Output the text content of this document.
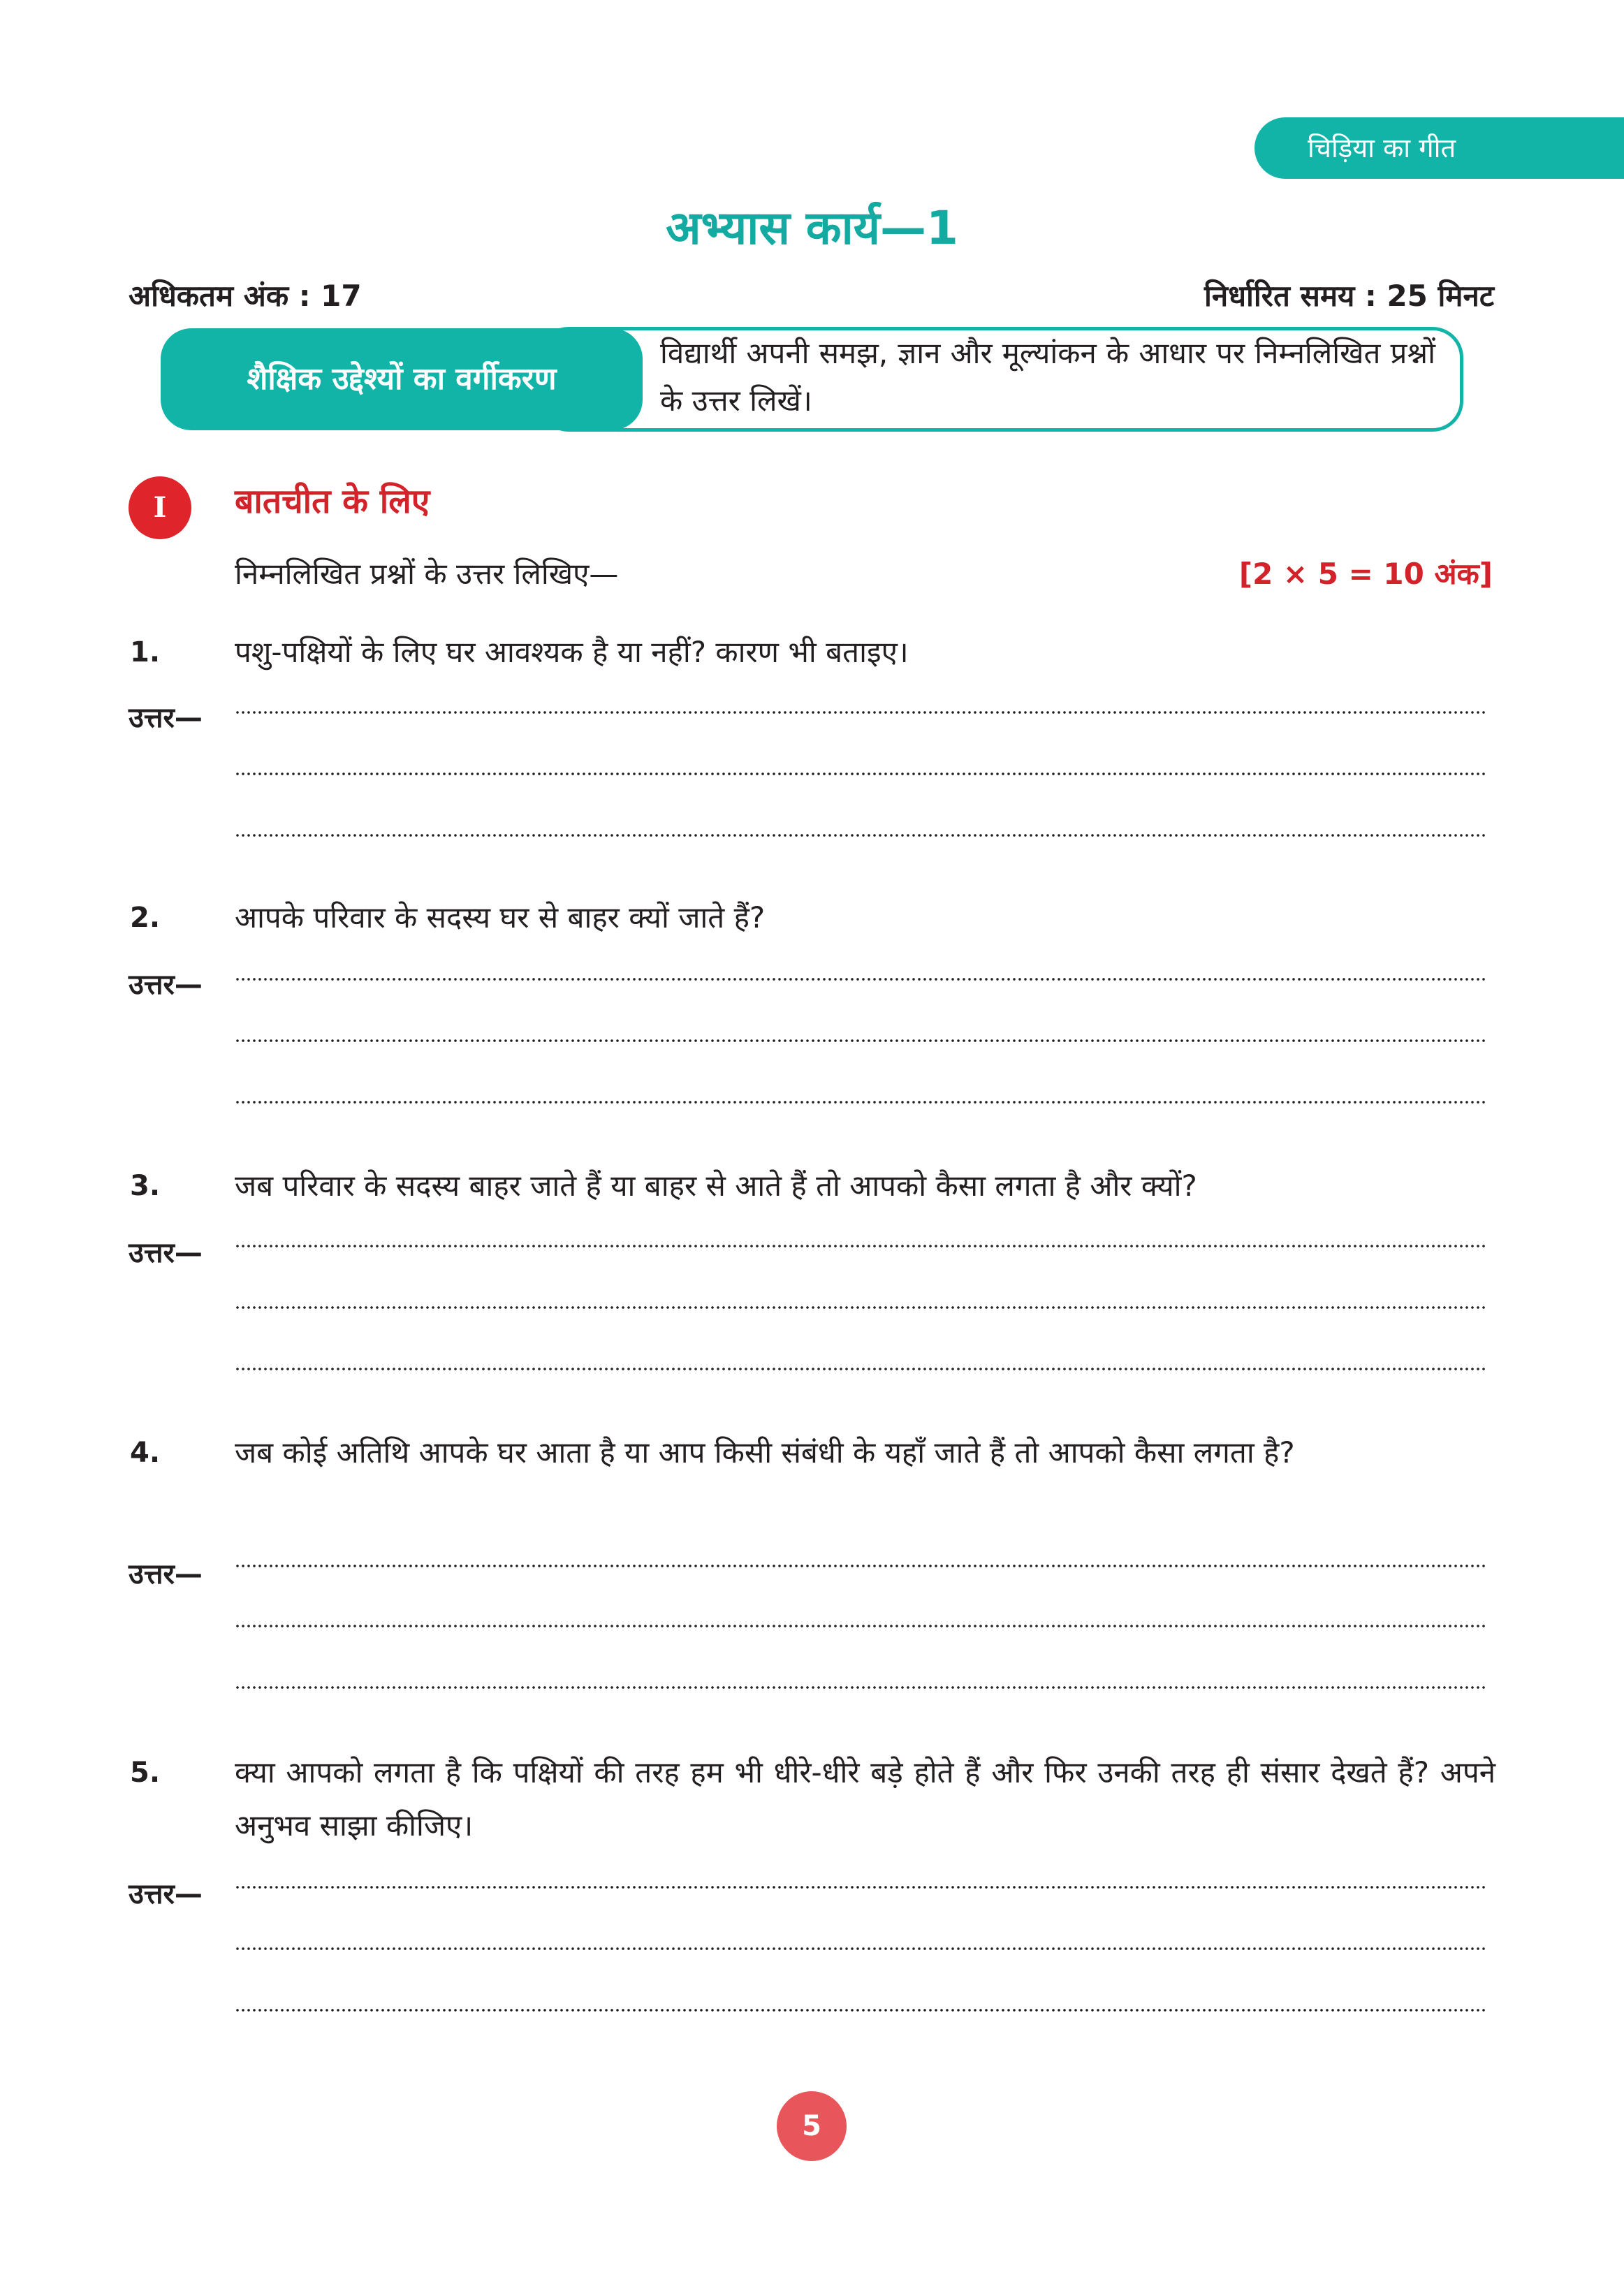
चिड़िया का गीत
अभ्यास कार्य—1
अधिकतम अंक : 17	निर्धारित समय : 25 मिनट
शैक्षिक उद्देश्यों का वर्गीकरण
विद्यार्थी अपनी समझ, ज्ञान और मूल्यांकन के आधार पर निम्नलिखित प्रश्नों के उत्तर लिखें।
I	बातचीत के लिए
निम्नलिखित प्रश्नों के उत्तर लिखिए—	[2 × 5 = 10 अंक]
1.	पशु-पक्षियों के लिए घर आवश्यक है या नहीं? कारण भी बताइए।
उत्तर—
2.	आपके परिवार के सदस्य घर से बाहर क्यों जाते हैं?
उत्तर—
3.	जब परिवार के सदस्य बाहर जाते हैं या बाहर से आते हैं तो आपको कैसा लगता है और क्यों?
उत्तर—
4.	जब कोई अतिथि आपके घर आता है या आप किसी संबंधी के यहाँ जाते हैं तो आपको कैसा लगता है?
उत्तर—
5.	क्या आपको लगता है कि पक्षियों की तरह हम भी धीरे-धीरे बड़े होते हैं और फिर उनकी तरह ही संसार देखते हैं? अपने अनुभव साझा कीजिए।
उत्तर—
5
